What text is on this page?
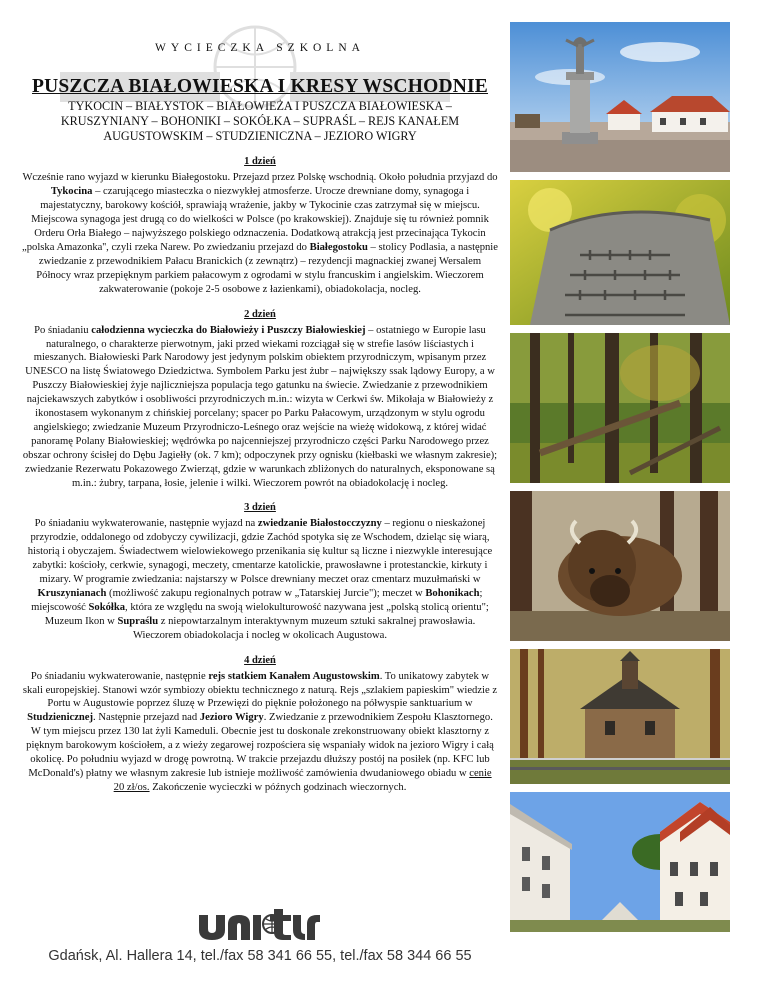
WYCIECZKA SZKOLNA
PUSZCZA BIAŁOWIESKA I KRESY WSCHODNIE
TYKOCIN – BIAŁYSTOK – BIAŁOWIEŻA I PUSZCZA BIAŁOWIESKA – KRUSZYNIANY – BOHONIKI – SOKÓŁKA – SUPRAŚL – REJS KANAŁEM AUGUSTOWSKIM – STUDZIENICZNA – JEZIORO WIGRY
1 dzień

Wcześnie rano wyjazd w kierunku Białegostoku. Przejazd przez Polskę wschodnią. Około południa przyjazd do Tykocina – czarującego miasteczka o niezwykłej atmosferze. Urocze drewniane domy, synagoga i majestatyczny, barokowy kościół, sprawiają wrażenie, jakby w Tykocinie czas zatrzymał się w miejscu. Miejscowa synagoga jest drugą co do wielkości w Polsce (po krakowskiej). Znajduje się tu również pomnik Orderu Orła Białego – najwyższego polskiego odznaczenia. Dodatkową atrakcją jest przecinająca Tykocin „polska Amazonka'', czyli rzeka Narew. Po zwiedzaniu przejazd do Białegostoku – stolicy Podlasia, a następnie zwiedzanie z przewodnikiem Pałacu Branickich (z zewnątrz) – rezydencji magnackiej zwanej Wersalem Północy wraz przepięknym parkiem pałacowym z ogrodami w stylu francuskim i angielskim. Wieczorem zakwaterowanie (pokoje 2-5 osobowe z łazienkami), obiadokolacja, nocleg.

2 dzień

Po śniadaniu całodzienna wycieczka do Białowieży i Puszczy Białowieskiej – ostatniego w Europie lasu naturalnego, o charakterze pierwotnym, jaki przed wiekami rozciągał się w strefie lasów liściastych i mieszanych. Białowieski Park Narodowy jest jedynym polskim obiektem przyrodniczym, wpisanym przez UNESCO na listę Światowego Dziedzictwa. Symbolem Parku jest żubr – największy ssak lądowy Europy, a w Puszczy Białowieskiej żyje najliczniejsza populacja tego gatunku na świecie. Zwiedzanie z przewodnikiem najciekawszych zabytków i osobliwości przyrodniczych m.in.: wizyta w Cerkwi św. Mikołaja w Białowieży z ikonostasem wykonanym z chińskiej porcelany; spacer po Parku Pałacowym, urządzonym w stylu ogrodu angielskiego; zwiedzanie Muzeum Przyrodniczo-Leśnego oraz wejście na wieżę widokową, z której widać panoramę Polany Białowieskiej; wędrówka po najcenniejszej przyrodniczo części Parku Narodowego przez obszar ochrony ścisłej do Dębu Jagiełły (ok. 7 km); odpoczynek przy ognisku (kiełbaski we własnym zakresie); zwiedzanie Rezerwatu Pokazowego Zwierząt, gdzie w warunkach zbliżonych do naturalnych, eksponowane są m.in.: żubry, tarpana, łosie, jelenie i wilki. Wieczorem powrót na obiadokolację i nocleg.

3 dzień

Po śniadaniu wykwaterowanie, następnie wyjazd na zwiedzanie Białostocczyzny – regionu o nieskażonej przyrodzie, oddalonego od zdobyczy cywilizacji, gdzie Zachód spotyka się ze Wschodem, dzieląc się wiarą, historią i obyczajem. Świadectwem wielowiekowego przenikania się kultur są liczne i niezwykle interesujące zabytki: kościoły, cerkwie, synagogi, meczety, cmentarze katolickie, prawosławne i protestanckie, kirkuty i mizary. W programie zwiedzania: najstarszy w Polsce drewniany meczet oraz cmentarz muzułmański w Kruszynianach (możliwość zakupu regionalnych potraw w „Tatarskiej Jurcie"); meczet w Bohonikach; miejscowość Sokółka, która ze względu na swoją wielokulturowość nazywana jest „polską stolicą orientu"; Muzeum Ikon w Supraślu z niepowtarzalnym interaktywnym muzeum sztuki sakralnej prawosławia. Wieczorem obiadokolacja i nocleg w okolicach Augustowa.

4 dzień

Po śniadaniu wykwaterowanie, następnie rejs statkiem Kanałem Augustowskim. To unikatowy zabytek w skali europejskiej. Stanowi wzór symbiozy obiektu technicznego z naturą. Rejs „szlakiem papieskim" wiedzie z Portu w Augustowie poprzez śluzę w Przewięzi do pięknie położonego na półwyspie sanktuarium w Studzienicznej. Następnie przejazd nad Jezioro Wigry. Zwiedzanie z przewodnikiem Zespołu Klasztornego. W tym miejscu przez 130 lat żyli Kameduli. Obecnie jest tu doskonale zrekonstruowany obiekt klasztorny z pięknym barokowym kościołem, a z wieży zegarowej rozpościera się wspaniały widok na jezioro Wigry i całą okolicę. Po południu wyjazd w drogę powrotną. W trakcie przejazdu dłuższy postój na posiłek (np. KFC lub McDonald's) płatny we własnym zakresie lub istnieje możliwość zamówienia dwudaniowego obiadu w cenie 20 zł/os. Zakończenie wycieczki w późnych godzinach wieczornych.

Gdańsk, Al. Hallera 14, tel./fax 58 341 66 55, tel./fax 58 344 66 55
